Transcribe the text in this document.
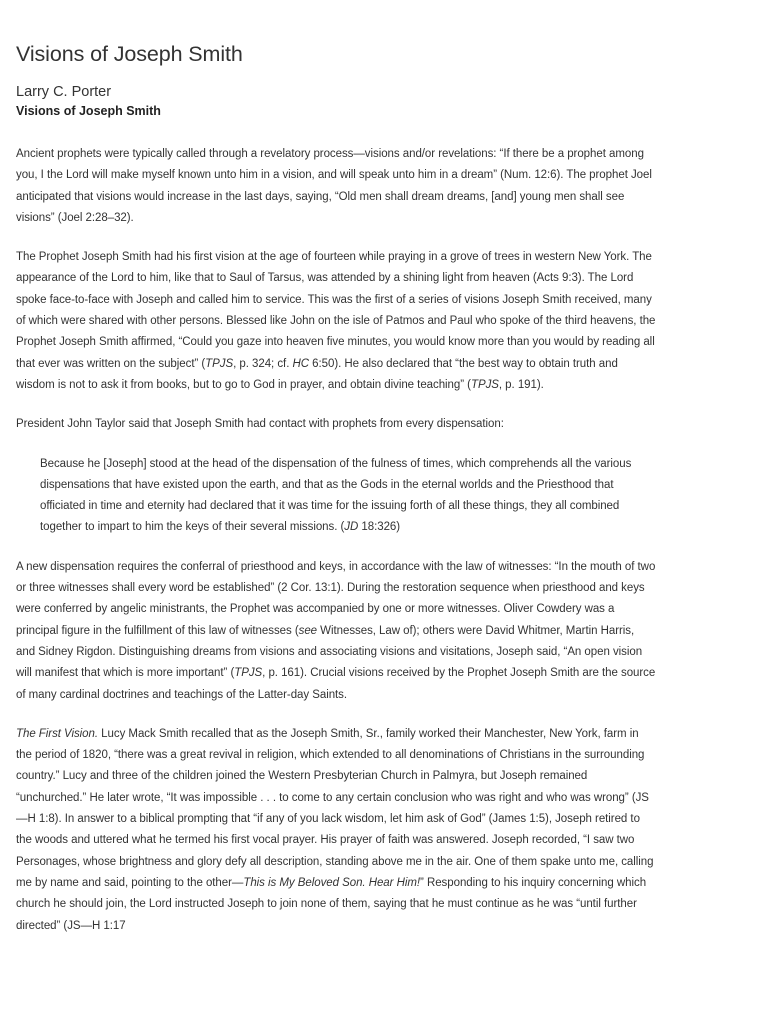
Visions of Joseph Smith
Larry C. Porter
Visions of Joseph Smith

Ancient prophets were typically called through a revelatory process—visions and/or revelations: “If there be a prophet among you, I the Lord will make myself known unto him in a vision, and will speak unto him in a dream” (Num. 12:6). The prophet Joel anticipated that visions would increase in the last days, saying, “Old men shall dream dreams, [and] young men shall see visions” (Joel 2:28–32).

The Prophet Joseph Smith had his first vision at the age of fourteen while praying in a grove of trees in western New York. The appearance of the Lord to him, like that to Saul of Tarsus, was attended by a shining light from heaven (Acts 9:3). The Lord spoke face-to-face with Joseph and called him to service. This was the first of a series of visions Joseph Smith received, many of which were shared with other persons. Blessed like John on the isle of Patmos and Paul who spoke of the third heavens, the Prophet Joseph Smith affirmed, “Could you gaze into heaven five minutes, you would know more than you would by reading all that ever was written on the subject” (TPJS, p. 324; cf. HC 6:50). He also declared that “the best way to obtain truth and wisdom is not to ask it from books, but to go to God in prayer, and obtain divine teaching” (TPJS, p. 191).

President John Taylor said that Joseph Smith had contact with prophets from every dispensation:

Because he [Joseph] stood at the head of the dispensation of the fulness of times, which comprehends all the various dispensations that have existed upon the earth, and that as the Gods in the eternal worlds and the Priesthood that officiated in time and eternity had declared that it was time for the issuing forth of all these things, they all combined together to impart to him the keys of their several missions. (JD 18:326)

A new dispensation requires the conferral of priesthood and keys, in accordance with the law of witnesses: “In the mouth of two or three witnesses shall every word be established” (2 Cor. 13:1). During the restoration sequence when priesthood and keys were conferred by angelic ministrants, the Prophet was accompanied by one or more witnesses. Oliver Cowdery was a principal figure in the fulfillment of this law of witnesses (see Witnesses, Law of); others were David Whitmer, Martin Harris, and Sidney Rigdon. Distinguishing dreams from visions and associating visions and visitations, Joseph said, “An open vision will manifest that which is more important” (TPJS, p. 161). Crucial visions received by the Prophet Joseph Smith are the source of many cardinal doctrines and teachings of the Latter-day Saints.

The First Vision. Lucy Mack Smith recalled that as the Joseph Smith, Sr., family worked their Manchester, New York, farm in the period of 1820, “there was a great revival in religion, which extended to all denominations of Christians in the surrounding country.” Lucy and three of the children joined the Western Presbyterian Church in Palmyra, but Joseph remained “unchurched.” He later wrote, “It was impossible . . . to come to any certain conclusion who was right and who was wrong” (JS—H 1:8). In answer to a biblical prompting that “if any of you lack wisdom, let him ask of God” (James 1:5), Joseph retired to the woods and uttered what he termed his first vocal prayer. His prayer of faith was answered. Joseph recorded, “I saw two Personages, whose brightness and glory defy all description, standing above me in the air. One of them spake unto me, calling me by name and said, pointing to the other—This is My Beloved Son. Hear Him!” Responding to his inquiry concerning which church he should join, the Lord instructed Joseph to join none of them, saying that he must continue as he was “until further directed” (JS—H 1:17
